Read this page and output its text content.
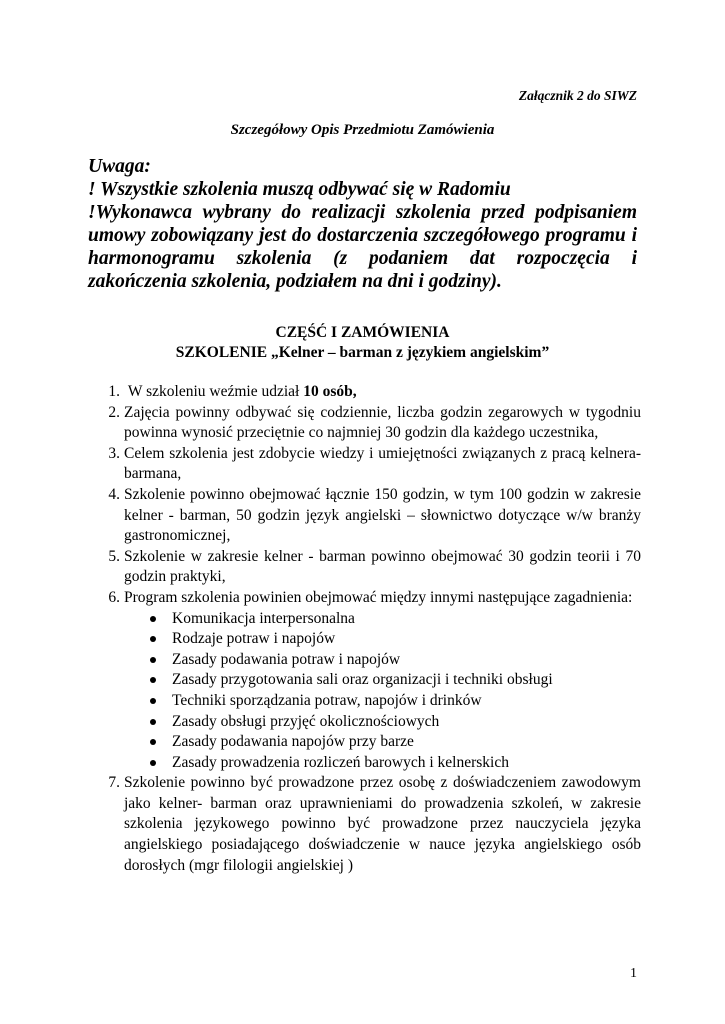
Załącznik 2 do SIWZ
Szczegółowy Opis Przedmiotu Zamówienia
Uwaga:
! Wszystkie szkolenia muszą odbywać się w Radomiu
!Wykonawca wybrany do realizacji szkolenia przed podpisaniem umowy zobowiązany jest do dostarczenia szczegółowego programu i harmonogramu szkolenia (z podaniem dat rozpoczęcia i zakończenia szkolenia, podziałem na dni i godziny).
CZĘŚĆ I ZAMÓWIENIA
SZKOLENIE „Kelner – barman z językiem angielskim”
1. W szkoleniu weźmie udział 10 osób,
2. Zajęcia powinny odbywać się codziennie, liczba godzin zegarowych w tygodniu powinna wynosić przeciętnie co najmniej 30 godzin dla każdego uczestnika,
3. Celem szkolenia jest zdobycie wiedzy i umiejętności związanych z pracą kelnera-barmana,
4. Szkolenie powinno obejmować łącznie 150 godzin, w tym 100 godzin w zakresie kelner - barman, 50 godzin język angielski – słownictwo dotyczące w/w branży gastronomicznej,
5. Szkolenie w zakresie kelner - barman powinno obejmować 30 godzin teorii i 70 godzin praktyki,
6. Program szkolenia powinien obejmować między innymi następujące zagadnienia:
Komunikacja interpersonalna
Rodzaje potraw i napojów
Zasady podawania potraw i napojów
Zasady przygotowania sali oraz organizacji i techniki obsługi
Techniki sporządzania potraw, napojów i drinków
Zasady obsługi przyjęć okolicznościowych
Zasady podawania napojów przy barze
Zasady prowadzenia rozliczeń barowych i kelnerskich
7. Szkolenie powinno być prowadzone przez osobę z doświadczeniem zawodowym jako kelner- barman oraz uprawnieniami do prowadzenia szkoleń, w zakresie szkolenia językowego powinno być prowadzone przez nauczyciela języka angielskiego posiadającego doświadczenie w nauce języka angielskiego osób dorosłych (mgr filologii angielskiej )
1
